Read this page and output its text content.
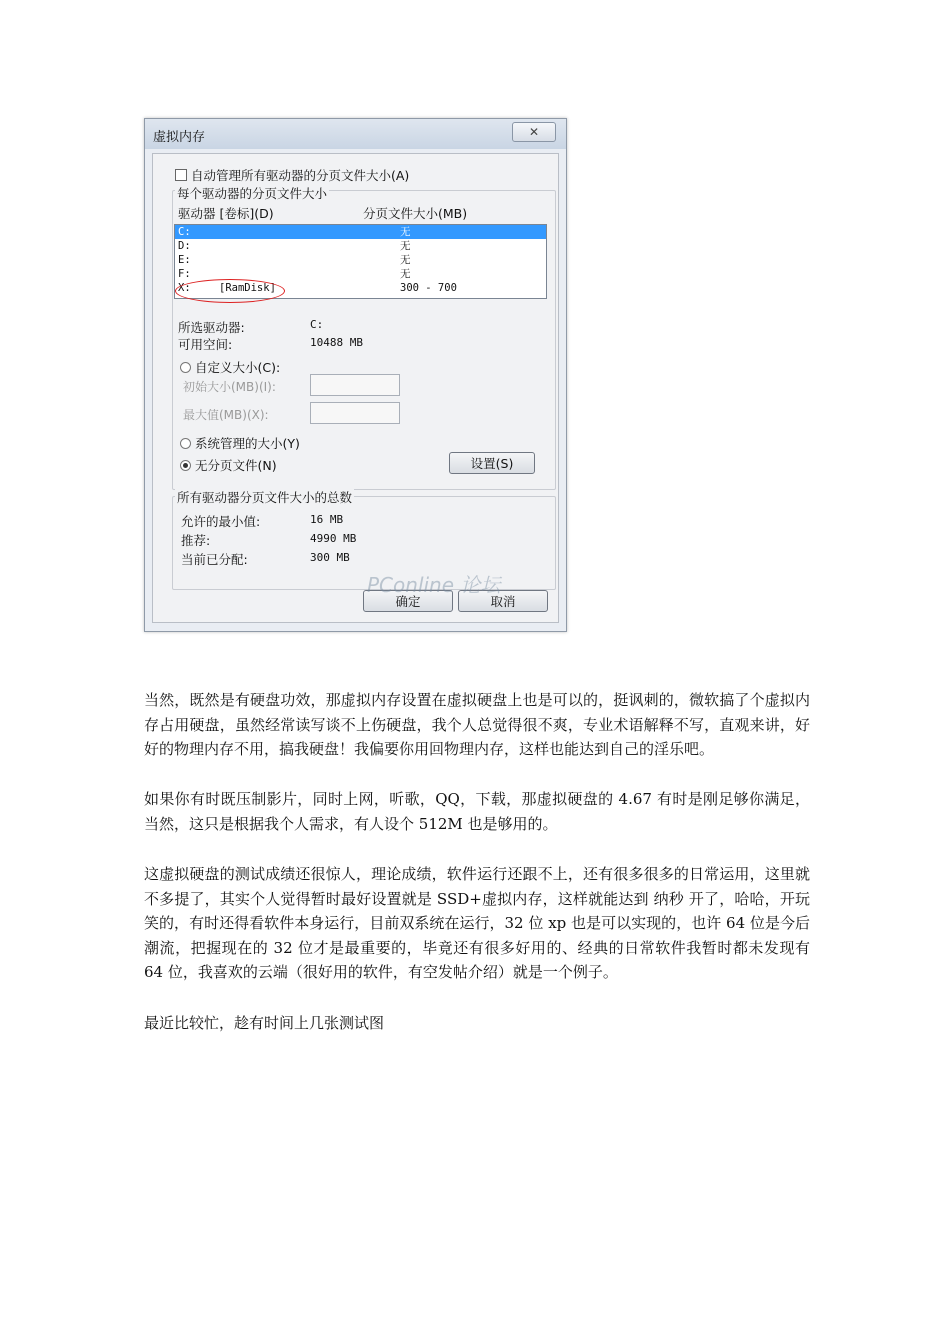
虚拟内存	✕
自动管理所有驱动器的分页文件大小(A)
每个驱动器的分页文件大小
驱动器 [卷标](D)	分页文件大小(MB)
C:	无
D:	无
E:	无
F:	无
X:	[RamDisk]	300 - 700
所选驱动器:	C:
可用空间:	10488 MB
自定义大小(C):
初始大小(MB)(I):
最大值(MB)(X):
系统管理的大小(Y)
无分页文件(N)	设置(S)
所有驱动器分页文件大小的总数
允许的最小值:	16 MB
推荐:	4990 MB
当前已分配:	300 MB
确定	取消
PConline 论坛

当然，既然是有硬盘功效，那虚拟内存设置在虚拟硬盘上也是可以的，挺讽刺的，微软搞了个虚拟内存占用硬盘，虽然经常读写谈不上伤硬盘，我个人总觉得很不爽，专业术语解释不写，直观来讲，好好的物理内存不用，搞我硬盘！我偏要你用回物理内存，这样也能达到自己的淫乐吧。

如果你有时既压制影片，同时上网，听歌，QQ，下载，那虚拟硬盘的 4.67 有时是刚足够你满足，当然，这只是根据我个人需求，有人设个 512M 也是够用的。

这虚拟硬盘的测试成绩还很惊人，理论成绩，软件运行还跟不上，还有很多很多的日常运用，这里就不多提了，其实个人觉得暂时最好设置就是 SSD+虚拟内存，这样就能达到 纳秒 开了，哈哈，开玩笑的，有时还得看软件本身运行，目前双系统在运行，32 位 xp 也是可以实现的，也许 64 位是今后潮流，把握现在的 32 位才是最重要的，毕竟还有很多好用的、经典的日常软件我暂时都未发现有 64 位，我喜欢的云端（很好用的软件，有空发帖介绍）就是一个例子。

最近比较忙，趁有时间上几张测试图
